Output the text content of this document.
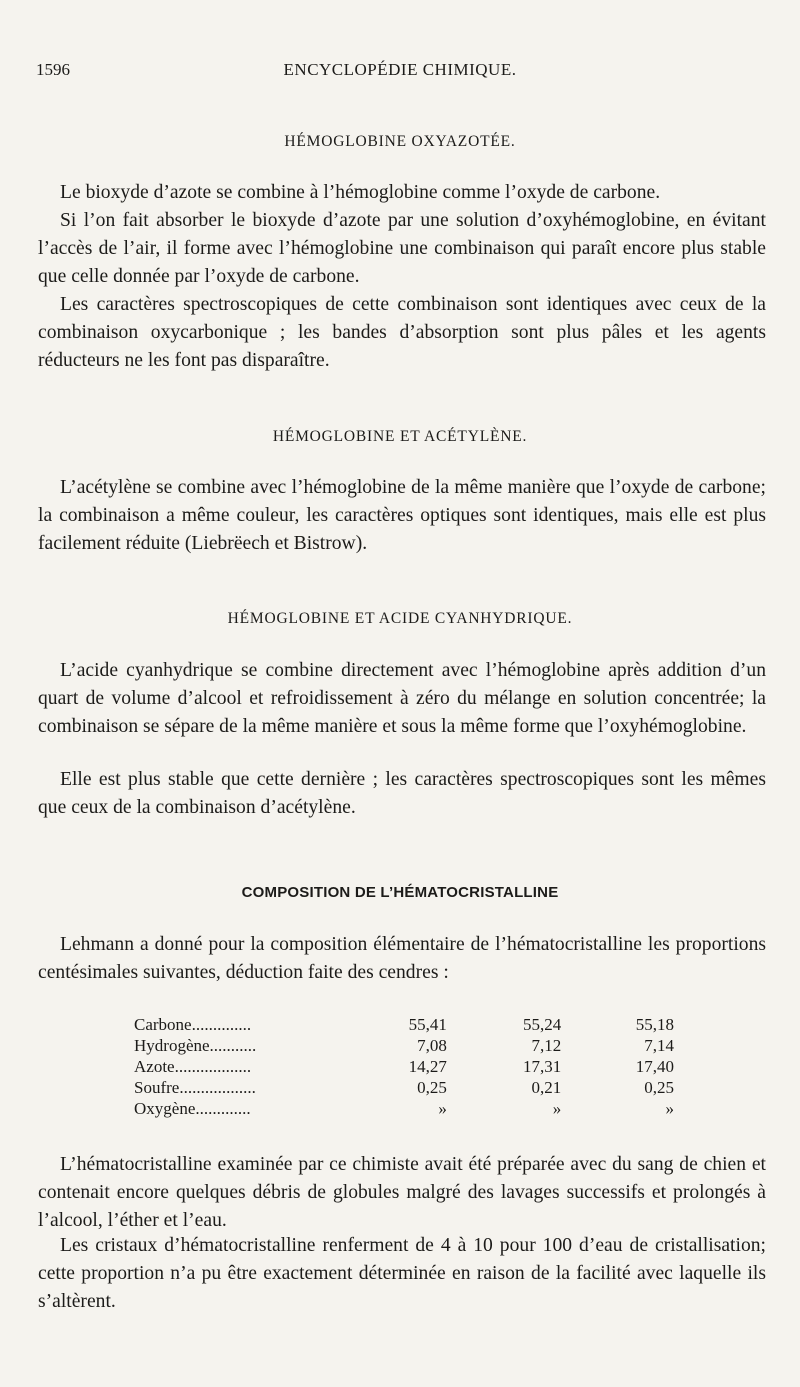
1596	ENCYCLOPÉDIE CHIMIQUE.
HÉMOGLOBINE OXYAZOTÉE.

Le bioxyde d’azote se combine à l’hémoglobine comme l’oxyde de carbone.

Si l’on fait absorber le bioxyde d’azote par une solution d’oxyhémoglobine, en évitant l’accès de l’air, il forme avec l’hémoglobine une combinaison qui paraît encore plus stable que celle donnée par l’oxyde de carbone.

Les caractères spectroscopiques de cette combinaison sont identiques avec ceux de la combinaison oxycarbonique ; les bandes d’absorption sont plus pâles et les agents réducteurs ne les font pas disparaître.

HÉMOGLOBINE ET ACÉTYLÈNE.

L’acétylène se combine avec l’hémoglobine de la même manière que l’oxyde de carbone; la combinaison a même couleur, les caractères optiques sont identiques, mais elle est plus facilement réduite (Liebrëech et Bistrow).

HÉMOGLOBINE ET ACIDE CYANHYDRIQUE.

L’acide cyanhydrique se combine directement avec l’hémoglobine après addition d’un quart de volume d’alcool et refroidissement à zéro du mélange en solution concentrée; la combinaison se sépare de la même manière et sous la même forme que l’oxyhémoglobine.

Elle est plus stable que cette dernière ; les caractères spectroscopiques sont les mêmes que ceux de la combinaison d’acétylène.

COMPOSITION DE L’HÉMATOCRISTALLINE

Lehmann a donné pour la composition élémentaire de l’hématocristalline les proportions centésimales suivantes, déduction faite des cendres :

Carbone..............	55,41	55,24	55,18
Hydrogène...........	7,08	7,12	7,14
Azote..................	14,27	17,31	17,40
Soufre..................	0,25	0,21	0,25
Oxygène.............	»	»	»

L’hématocristalline examinée par ce chimiste avait été préparée avec du sang de chien et contenait encore quelques débris de globules malgré des lavages successifs et prolongés à l’alcool, l’éther et l’eau.

Les cristaux d’hématocristalline renferment de 4 à 10 pour 100 d’eau de cristallisation; cette proportion n’a pu être exactement déterminée en raison de la facilité avec laquelle ils s’altèrent.
